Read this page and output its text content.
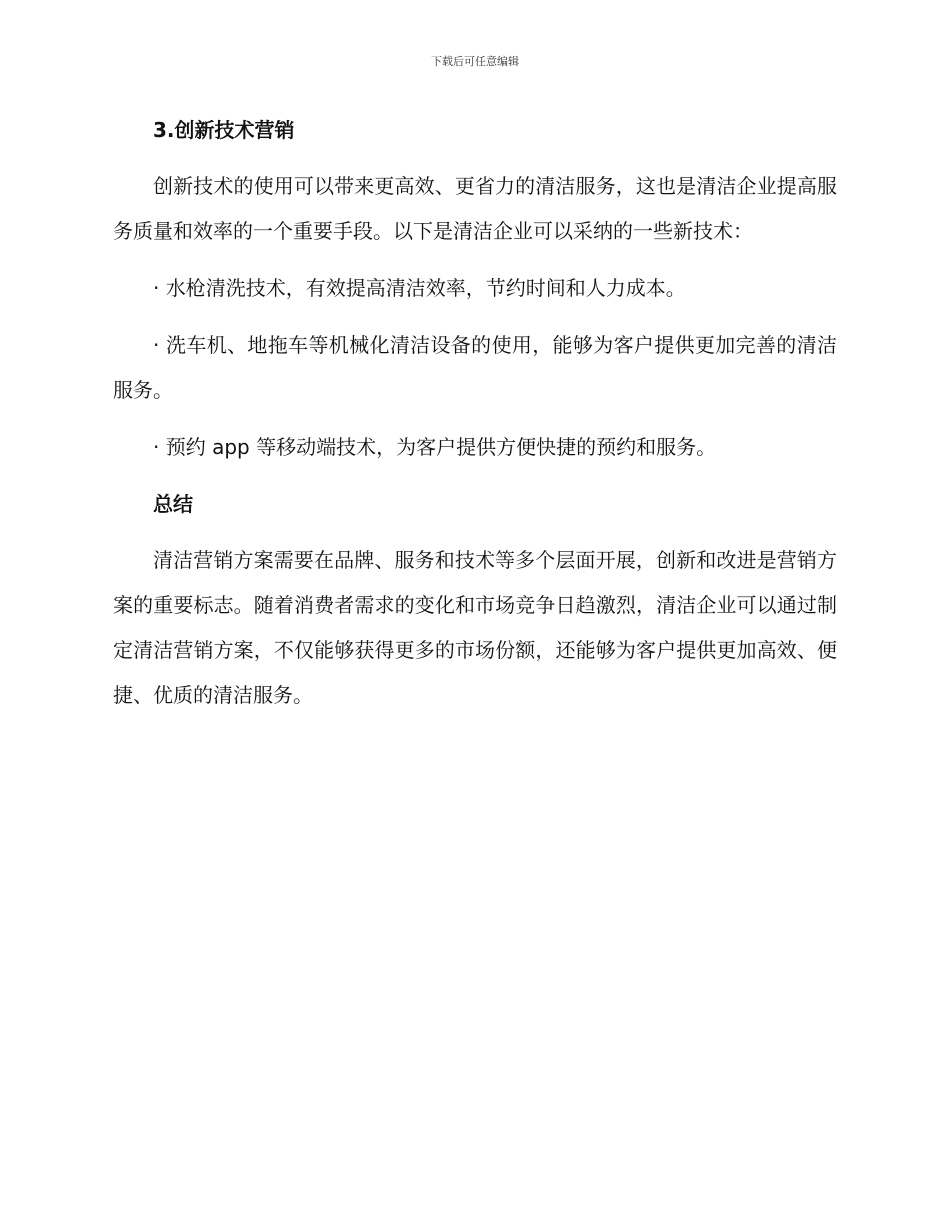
下载后可任意编辑
3.创新技术营销
创新技术的使用可以带来更高效、更省力的清洁服务，这也是清洁企业提高服务质量和效率的一个重要手段。以下是清洁企业可以采纳的一些新技术：
· 水枪清洗技术，有效提高清洁效率，节约时间和人力成本。
· 洗车机、地拖车等机械化清洁设备的使用，能够为客户提供更加完善的清洁服务。
· 预约 app 等移动端技术，为客户提供方便快捷的预约和服务。
总结
清洁营销方案需要在品牌、服务和技术等多个层面开展，创新和改进是营销方案的重要标志。随着消费者需求的变化和市场竞争日趋激烈，清洁企业可以通过制定清洁营销方案，不仅能够获得更多的市场份额，还能够为客户提供更加高效、便捷、优质的清洁服务。
